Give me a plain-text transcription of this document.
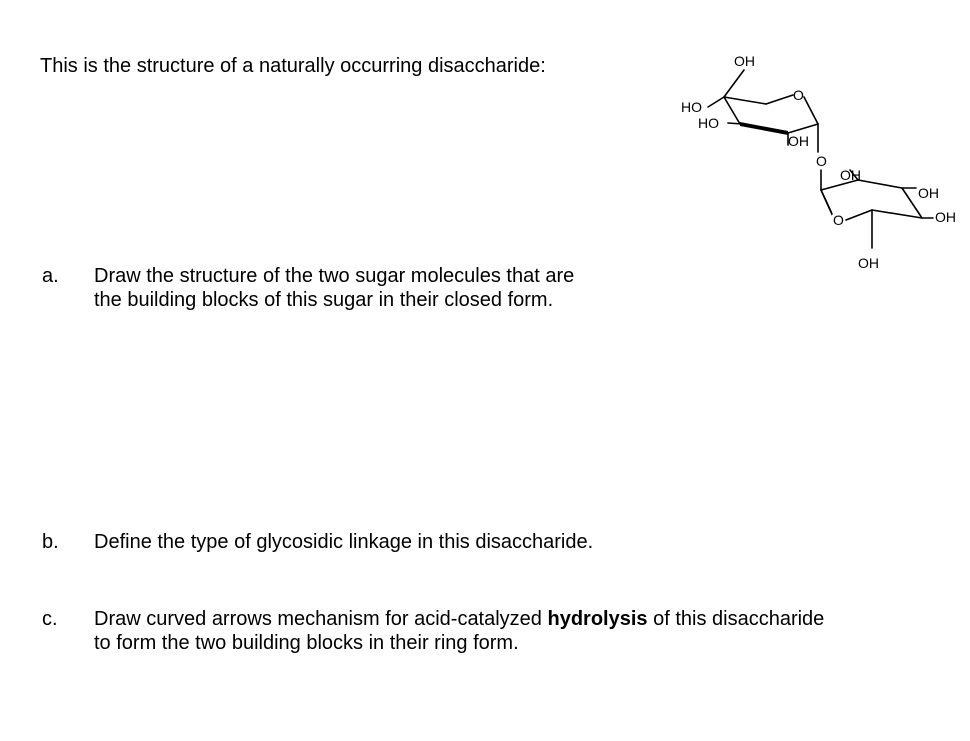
This is the structure of a naturally occurring disaccharide:
a. Draw the structure of the two sugar molecules that are
the building blocks of this sugar in their closed form.
b. Define the type of glycosidic linkage in this disaccharide.
c. Draw curved arrows mechanism for acid-catalyzed hydrolysis of this disaccharide
to form the two building blocks in their ring form.
OH
HO
HO
O
OH
O
OH
O
OH
OH
OH
